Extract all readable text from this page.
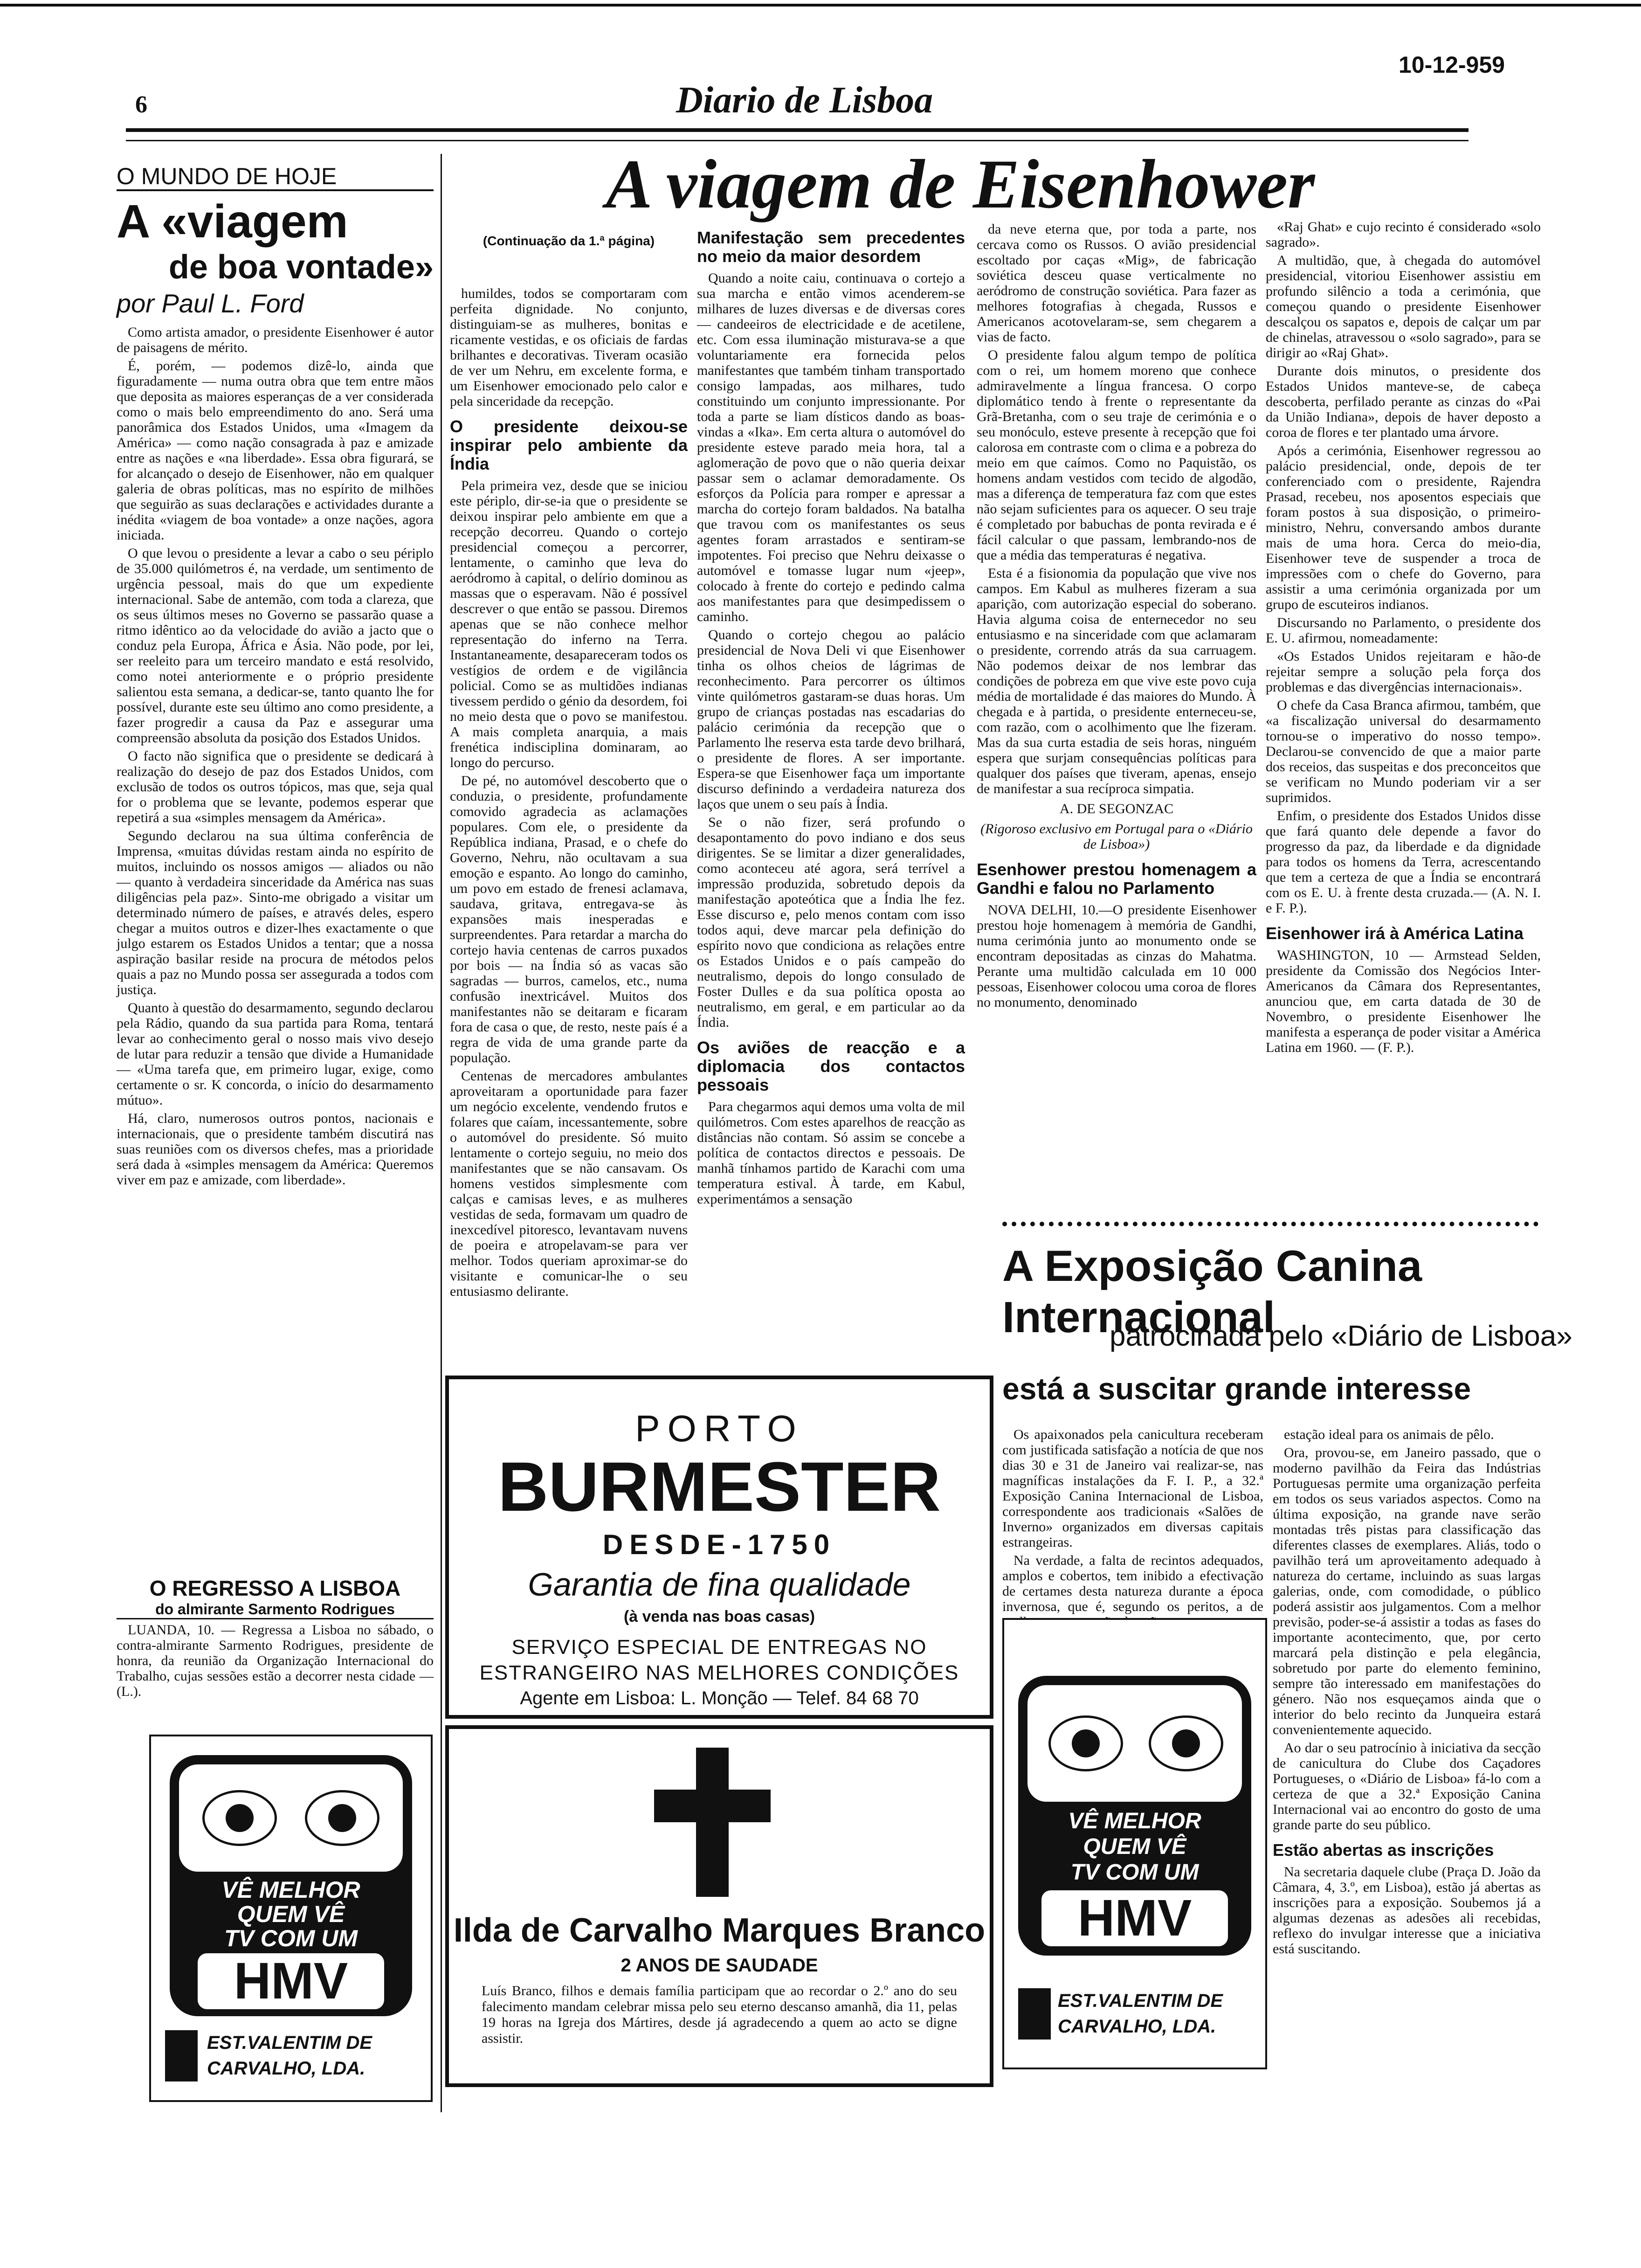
6	Diario de Lisboa
10-12-959
O MUNDO DE HOJE
A «viagem
de boa vontade»
por Paul L. Ford

Como artista amador, o presidente Eisenhower é autor de paisagens de mérito.

É, porém, — podemos dizê-lo, ainda que figuradamente — numa outra obra que tem entre mãos que deposita as maiores esperanças de a ver considerada como o mais belo empreendimento do ano. Será uma panorâmica dos Estados Unidos, uma «Imagem da América» — como nação consagrada à paz e amizade entre as nações e «na liberdade». Essa obra figurará, se for alcançado o desejo de Eisenhower, não em qualquer galeria de obras políticas, mas no espírito de milhões que seguirão as suas declarações e actividades durante a inédita «viagem de boa vontade» a onze nações, agora iniciada.

O que levou o presidente a levar a cabo o seu périplo de 35.000 quilómetros é, na verdade, um sentimento de urgência pessoal, mais do que um expediente internacional. Sabe de antemão, com toda a clareza, que os seus últimos meses no Governo se passarão quase a ritmo idêntico ao da velocidade do avião a jacto que o conduz pela Europa, África e Ásia. Não pode, por lei, ser reeleito para um terceiro mandato e está resolvido, como notei anteriormente e o próprio presidente salientou esta semana, a dedicar-se, tanto quanto lhe for possível, durante este seu último ano como presidente, a fazer progredir a causa da Paz e assegurar uma compreensão absoluta da posição dos Estados Unidos.

O facto não significa que o presidente se dedicará à realização do desejo de paz dos Estados Unidos, com exclusão de todos os outros tópicos, mas que, seja qual for o problema que se levante, podemos esperar que repetirá a sua «simples mensagem da América».

Segundo declarou na sua última conferência de Imprensa, «muitas dúvidas restam ainda no espírito de muitos, incluindo os nossos amigos — aliados ou não — quanto à verdadeira sinceridade da América nas suas diligências pela paz». Sinto-me obrigado a visitar um determinado número de países, e através deles, espero chegar a muitos outros e dizer-lhes exactamente o que julgo estarem os Estados Unidos a tentar; que a nossa aspiração basilar reside na procura de métodos pelos quais a paz no Mundo possa ser assegurada a todos com justiça.

Quanto à questão do desarmamento, segundo declarou pela Rádio, quando da sua partida para Roma, tentará levar ao conhecimento geral o nosso mais vivo desejo de lutar para reduzir a tensão que divide a Humanidade — «Uma tarefa que, em primeiro lugar, exige, como certamente o sr. K concorda, o início do desarmamento mútuo».

Há, claro, numerosos outros pontos, nacionais e internacionais, que o presidente também discutirá nas suas reuniões com os diversos chefes, mas a prioridade será dada à «simples mensagem da América: Queremos viver em paz e amizade, com liberdade».

O REGRESSO A LISBOA
do almirante Sarmento Rodrigues

LUANDA, 10. — Regressa a Lisboa no sábado, o contra-almirante Sarmento Rodrigues, presidente de honra, da reunião da Organização Internacional do Trabalho, cujas sessões estão a decorrer nesta cidade — (L.).

VÊ MELHOR
QUEM VÊ
TV COM UM
HMV
EST.VALENTIM DE
CARVALHO, LDA.
A viagem de Eisenhower
(Continuação da 1.ª página)

humildes, todos se comportaram com perfeita dignidade. No conjunto, distinguiam-se as mulheres, bonitas e ricamente vestidas, e os oficiais de fardas brilhantes e decorativas. Tiveram ocasião de ver um Nehru, em excelente forma, e um Eisenhower emocionado pelo calor e pela sinceridade da recepção.

O presidente deixou-se inspirar pelo ambiente da Índia

Pela primeira vez, desde que se iniciou este périplo, dir-se-ia que o presidente se deixou inspirar pelo ambiente em que a recepção decorreu. Quando o cortejo presidencial começou a percorrer, lentamente, o caminho que leva do aeródromo à capital, o delírio dominou as massas que o esperavam. Não é possível descrever o que então se passou. Diremos apenas que se não conhece melhor representação do inferno na Terra. Instantaneamente, desapareceram todos os vestígios de ordem e de vigilância policial. Como se as multidões indianas tivessem perdido o génio da desordem, foi no meio desta que o povo se manifestou. A mais completa anarquia, a mais frenética indisciplina dominaram, ao longo do percurso.

De pé, no automóvel descoberto que o conduzia, o presidente, profundamente comovido agradecia as aclamações populares. Com ele, o presidente da República indiana, Prasad, e o chefe do Governo, Nehru, não ocultavam a sua emoção e espanto. Ao longo do caminho, um povo em estado de frenesi aclamava, saudava, gritava, entregava-se às expansões mais inesperadas e surpreendentes. Para retardar a marcha do cortejo havia centenas de carros puxados por bois — na Índia só as vacas são sagradas — burros, camelos, etc., numa confusão inextricável. Muitos dos manifestantes não se deitaram e ficaram fora de casa o que, de resto, neste país é a regra de vida de uma grande parte da população.

Centenas de mercadores ambulantes aproveitaram a oportunidade para fazer um negócio excelente, vendendo frutos e folares que caíam, incessantemente, sobre o automóvel do presidente. Só muito lentamente o cortejo seguiu, no meio dos manifestantes que se não cansavam. Os homens vestidos simplesmente com calças e camisas leves, e as mulheres vestidas de seda, formavam um quadro de inexcedível pitoresco, levantavam nuvens de poeira e atropelavam-se para ver melhor. Todos queriam aproximar-se do visitante e comunicar-lhe o seu entusiasmo delirante.

Manifestação sem precedentes no meio da maior desordem

Quando a noite caiu, continuava o cortejo a sua marcha e então vimos acenderem-se milhares de luzes diversas e de diversas cores — candeeiros de electricidade e de acetilene, etc. Com essa iluminação misturava-se a que voluntariamente era fornecida pelos manifestantes que também tinham transportado consigo lampadas, aos milhares, tudo constituindo um conjunto impressionante. Por toda a parte se liam dísticos dando as boas-vindas a «Ika». Em certa altura o automóvel do presidente esteve parado meia hora, tal a aglomeração de povo que o não queria deixar passar sem o aclamar demoradamente. Os esforços da Polícia para romper e apressar a marcha do cortejo foram baldados. Na batalha que travou com os manifestantes os seus agentes foram arrastados e sentiram-se impotentes. Foi preciso que Nehru deixasse o automóvel e tomasse lugar num «jeep», colocado à frente do cortejo e pedindo calma aos manifestantes para que desimpedissem o caminho.

Quando o cortejo chegou ao palácio presidencial de Nova Deli vi que Eisenhower tinha os olhos cheios de lágrimas de reconhecimento. Para percorrer os últimos vinte quilómetros gastaram-se duas horas. Um grupo de crianças postadas nas escadarias do palácio cerimónia da recepção que o Parlamento lhe reserva esta tarde devo brilhará, o presidente de flores. A ser importante. Espera-se que Eisenhower faça um importante discurso definindo a verdadeira natureza dos laços que unem o seu país à Índia.

Se o não fizer, será profundo o desapontamento do povo indiano e dos seus dirigentes. Se se limitar a dizer generalidades, como aconteceu até agora, será terrível a impressão produzida, sobretudo depois da manifestação apoteótica que a Índia lhe fez. Esse discurso e, pelo menos contam com isso todos aqui, deve marcar pela definição do espírito novo que condiciona as relações entre os Estados Unidos e o país campeão do neutralismo, depois do longo consulado de Foster Dulles e da sua política oposta ao neutralismo, em geral, e em particular ao da Índia.

Os aviões de reacção e a diplomacia dos contactos pessoais

Para chegarmos aqui demos uma volta de mil quilómetros. Com estes aparelhos de reacção as distâncias não contam. Só assim se concebe a política de contactos directos e pessoais. De manhã tínhamos partido de Karachi com uma temperatura estival. À tarde, em Kabul, experimentámos a sensação

da neve eterna que, por toda a parte, nos cercava como os Russos. O avião presidencial escoltado por caças «Mig», de fabricação soviética desceu quase verticalmente no aeródromo de construção soviética. Para fazer as melhores fotografias à chegada, Russos e Americanos acotovelaram-se, sem chegarem a vias de facto.

O presidente falou algum tempo de política com o rei, um homem moreno que conhece admiravelmente a língua francesa. O corpo diplomático tendo à frente o representante da Grã-Bretanha, com o seu traje de cerimónia e o seu monóculo, esteve presente à recepção que foi calorosa em contraste com o clima e a pobreza do meio em que caímos. Como no Paquistão, os homens andam vestidos com tecido de algodão, mas a diferença de temperatura faz com que estes não sejam suficientes para os aquecer. O seu traje é completado por babuchas de ponta revirada e é fácil calcular o que passam, lembrando-nos de que a média das temperaturas é negativa.

Esta é a fisionomia da população que vive nos campos. Em Kabul as mulheres fizeram a sua aparição, com autorização especial do soberano. Havia alguma coisa de enternecedor no seu entusiasmo e na sinceridade com que aclamaram o presidente, correndo atrás da sua carruagem. Não podemos deixar de nos lembrar das condições de pobreza em que vive este povo cuja média de mortalidade é das maiores do Mundo. À chegada e à partida, o presidente enterneceu-se, com razão, com o acolhimento que lhe fizeram. Mas da sua curta estadia de seis horas, ninguém espera que surjam consequências políticas para qualquer dos países que tiveram, apenas, ensejo de manifestar a sua recíproca simpatia.

A. DE SEGONZAC
(Rigoroso exclusivo em Portugal para o «Diário de Lisboa»)
Esenhower prestou homenagem a Gandhi e falou no Parlamento

NOVA DELHI, 10.—O presidente Eisenhower prestou hoje homenagem à memória de Gandhi, numa cerimónia junto ao monumento onde se encontram depositadas as cinzas do Mahatma. Perante uma multidão calculada em 10 000 pessoas, Eisenhower colocou uma coroa de flores no monumento, denominado

«Raj Ghat» e cujo recinto é considerado «solo sagrado».

A multidão, que, à chegada do automóvel presidencial, vitoriou Eisenhower assistiu em profundo silêncio a toda a cerimónia, que começou quando o presidente Eisenhower descalçou os sapatos e, depois de calçar um par de chinelas, atravessou o «solo sagrado», para se dirigir ao «Raj Ghat».

Durante dois minutos, o presidente dos Estados Unidos manteve-se, de cabeça descoberta, perfilado perante as cinzas do «Pai da União Indiana», depois de haver deposto a coroa de flores e ter plantado uma árvore.

Após a cerimónia, Eisenhower regressou ao palácio presidencial, onde, depois de ter conferenciado com o presidente, Rajendra Prasad, recebeu, nos aposentos especiais que foram postos à sua disposição, o primeiro-ministro, Nehru, conversando ambos durante mais de uma hora. Cerca do meio-dia, Eisenhower teve de suspender a troca de impressões com o chefe do Governo, para assistir a uma cerimónia organizada por um grupo de escuteiros indianos.

Discursando no Parlamento, o presidente dos E. U. afirmou, nomeadamente:

«Os Estados Unidos rejeitaram e hão-de rejeitar sempre a solução pela força dos problemas e das divergências internacionais».

O chefe da Casa Branca afirmou, também, que «a fiscalização universal do desarmamento tornou-se o imperativo do nosso tempo». Declarou-se convencido de que a maior parte dos receios, das suspeitas e dos preconceitos que se verificam no Mundo poderiam vir a ser suprimidos.

Enfim, o presidente dos Estados Unidos disse que fará quanto dele depende a favor do progresso da paz, da liberdade e da dignidade para todos os homens da Terra, acrescentando que tem a certeza de que a Índia se encontrará com os E. U. à frente desta cruzada.— (A. N. I. e F. P.).

Eisenhower irá à América Latina

WASHINGTON, 10 — Armstead Selden, presidente da Comissão dos Negócios Inter-Americanos da Câmara dos Representantes, anunciou que, em carta datada de 30 de Novembro, o presidente Eisenhower lhe manifesta a esperança de poder visitar a América Latina em 1960. — (F. P.).

A Exposição Canina Internacional
patrocinada pelo «Diário de Lisboa»
está a suscitar grande interesse

Os apaixonados pela canicultura receberam com justificada satisfação a notícia de que nos dias 30 e 31 de Janeiro vai realizar-se, nas magníficas instalações da F. I. P., a 32.ª Exposição Canina Internacional de Lisboa, correspondente aos tradicionais «Salões de Inverno» organizados em diversas capitais estrangeiras.

Na verdade, a falta de recintos adequados, amplos e cobertos, tem inibido a efectivação de certames desta natureza durante a época invernosa, que é, segundo os peritos, a de

estação ideal para os animais de pêlo.

Ora, provou-se, em Janeiro passado, que o moderno pavilhão da Feira das Indústrias Portuguesas permite uma organização perfeita em todos os seus variados aspectos. Como na última exposição, na grande nave serão montadas três pistas para classificação das diferentes classes de exemplares. Aliás, todo o pavilhão terá um aproveitamento adequado à natureza do certame, incluindo as suas largas galerias, onde, com comodidade, o público poderá assistir aos julgamentos. Com a melhor previsão, poder-se-á assistir a todas as fases do importante acontecimento, que, por certo marcará pela distinção e pela elegância, sobretudo por parte do elemento feminino, sempre tão interessado em manifestações do género. Não nos esqueçamos ainda que o interior do belo recinto da Junqueira estará convenientemente aquecido.

Ao dar o seu patrocínio à iniciativa da secção de canicultura do Clube dos Caçadores Portugueses, o «Diário de Lisboa» fá-lo com a certeza de que a 32.ª Exposição Canina Internacional vai ao encontro do gosto de uma grande parte do seu público.

Estão abertas as inscrições

Na secretaria daquele clube (Praça D. João da Câmara, 4, 3.º, em Lisboa), estão já abertas as inscrições para a exposição. Soubemos já a algumas dezenas as adesões ali recebidas, reflexo do invulgar interesse que a iniciativa está suscitando.

VÊ MELHOR
QUEM VÊ
TV COM UM
HMV
EST.VALENTIM DE
CARVALHO, LDA.
PORTO
BURMESTER
DESDE-1750
Garantia de fina qualidade
(à venda nas boas casas)
SERVIÇO ESPECIAL DE ENTREGAS NO
ESTRANGEIRO NAS MELHORES CONDIÇÕES
Agente em Lisboa: L. Monção — Telef. 84 68 70
Ilda de Carvalho Marques Branco
2 ANOS DE SAUDADE
Luís Branco, filhos e demais família participam que ao recordar o 2.º ano do seu falecimento mandam celebrar missa pelo seu eterno descanso amanhã, dia 11, pelas 19 horas na Igreja dos Mártires, desde já agradecendo a quem ao acto se digne assistir.
